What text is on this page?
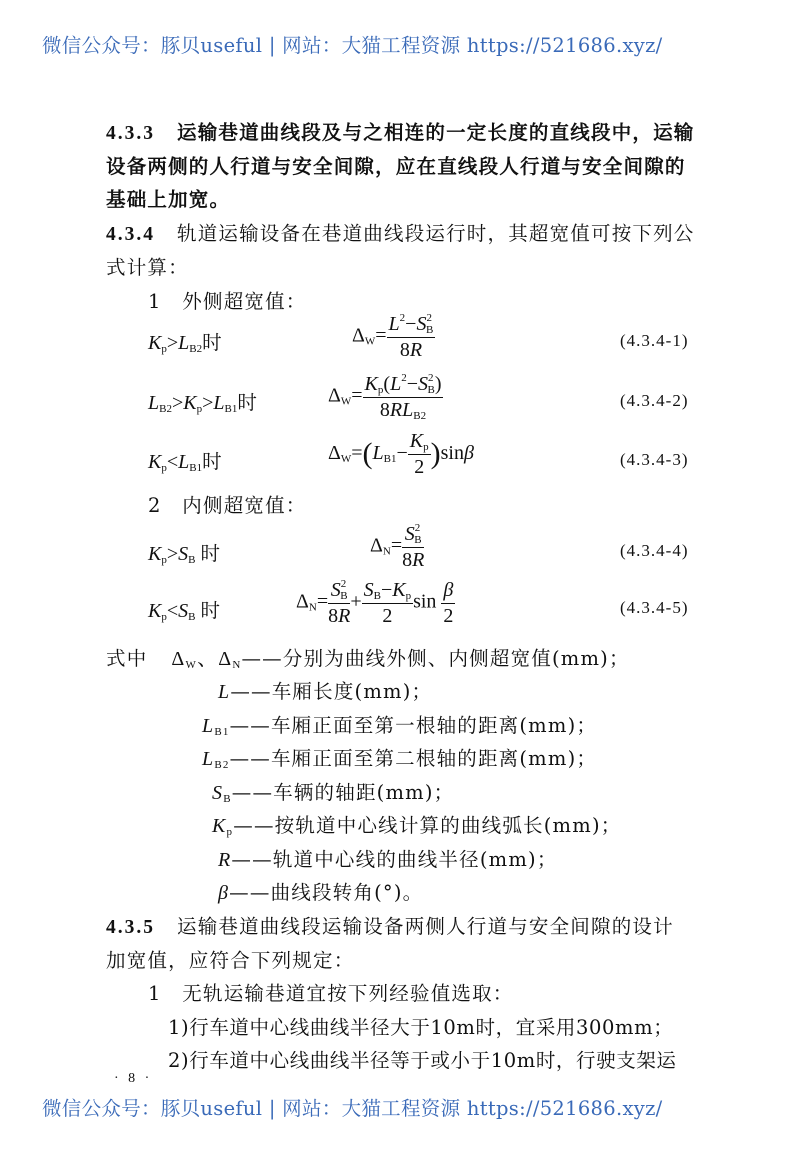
微信公众号：豚贝useful | 网站：大猫工程资源 https://521686.xyz/
4.3.3 运输巷道曲线段及与之相连的一定长度的直线段中，运输
设备两侧的人行道与安全间隙，应在直线段人行道与安全间隙的
基础上加宽。
4.3.4 轨道运输设备在巷道曲线段运行时，其超宽值可按下列公
式计算：
1　外侧超宽值：
$K_p>L_{B2}$时	$\Delta_W= \frac{L^2-S^2_B}{8R}$	(4.3.4-1)
$L_{B2}>K_p>L_{B1}$时	$\Delta_W= \frac{K_p(L^2-S^2_B)}{8RL_{B2}}$	(4.3.4-2)
$K_p<L_{B1}$时	$\Delta_W=(L_{B1}- \frac{K_p}{2} )\sin\beta$	(4.3.4-3)
2　内侧超宽值：
$K_p>S_B$ 时	$\Delta_N= \frac{S^2_B}{8R}$	(4.3.4-4)
$K_p<S_B$ 时	$\Delta_N= \frac{S^2_B}{8R} + \frac{S_B-K_p}{2}$ $\sin \frac{\beta}{2}$	(4.3.4-5)
式中 $\Delta_W$、$\Delta_N——$分别为曲线外侧、内侧超宽值(mm)；
L——车厢长度(mm)；
$L_{B1}——$车厢正面至第一根轴的距离(mm)；
$L_{B2}——$车厢正面至第二根轴的距离(mm)；
$S_B——$车辆的轴距(mm)；
$K_p——$按轨道中心线计算的曲线弧长(mm)；
R——轨道中心线的曲线半径(mm)；
β——曲线段转角(°)。
4.3.5 运输巷道曲线段运输设备两侧人行道与安全间隙的设计
加宽值，应符合下列规定：
1　无轨运输巷道宜按下列经验值选取：
1)行车道中心线曲线半径大于10m时，宜采用300mm；
2)行车道中心线曲线半径等于或小于10m时，行驶支架运
· 8 ·
微信公众号：豚贝useful | 网站：大猫工程资源 https://521686.xyz/
